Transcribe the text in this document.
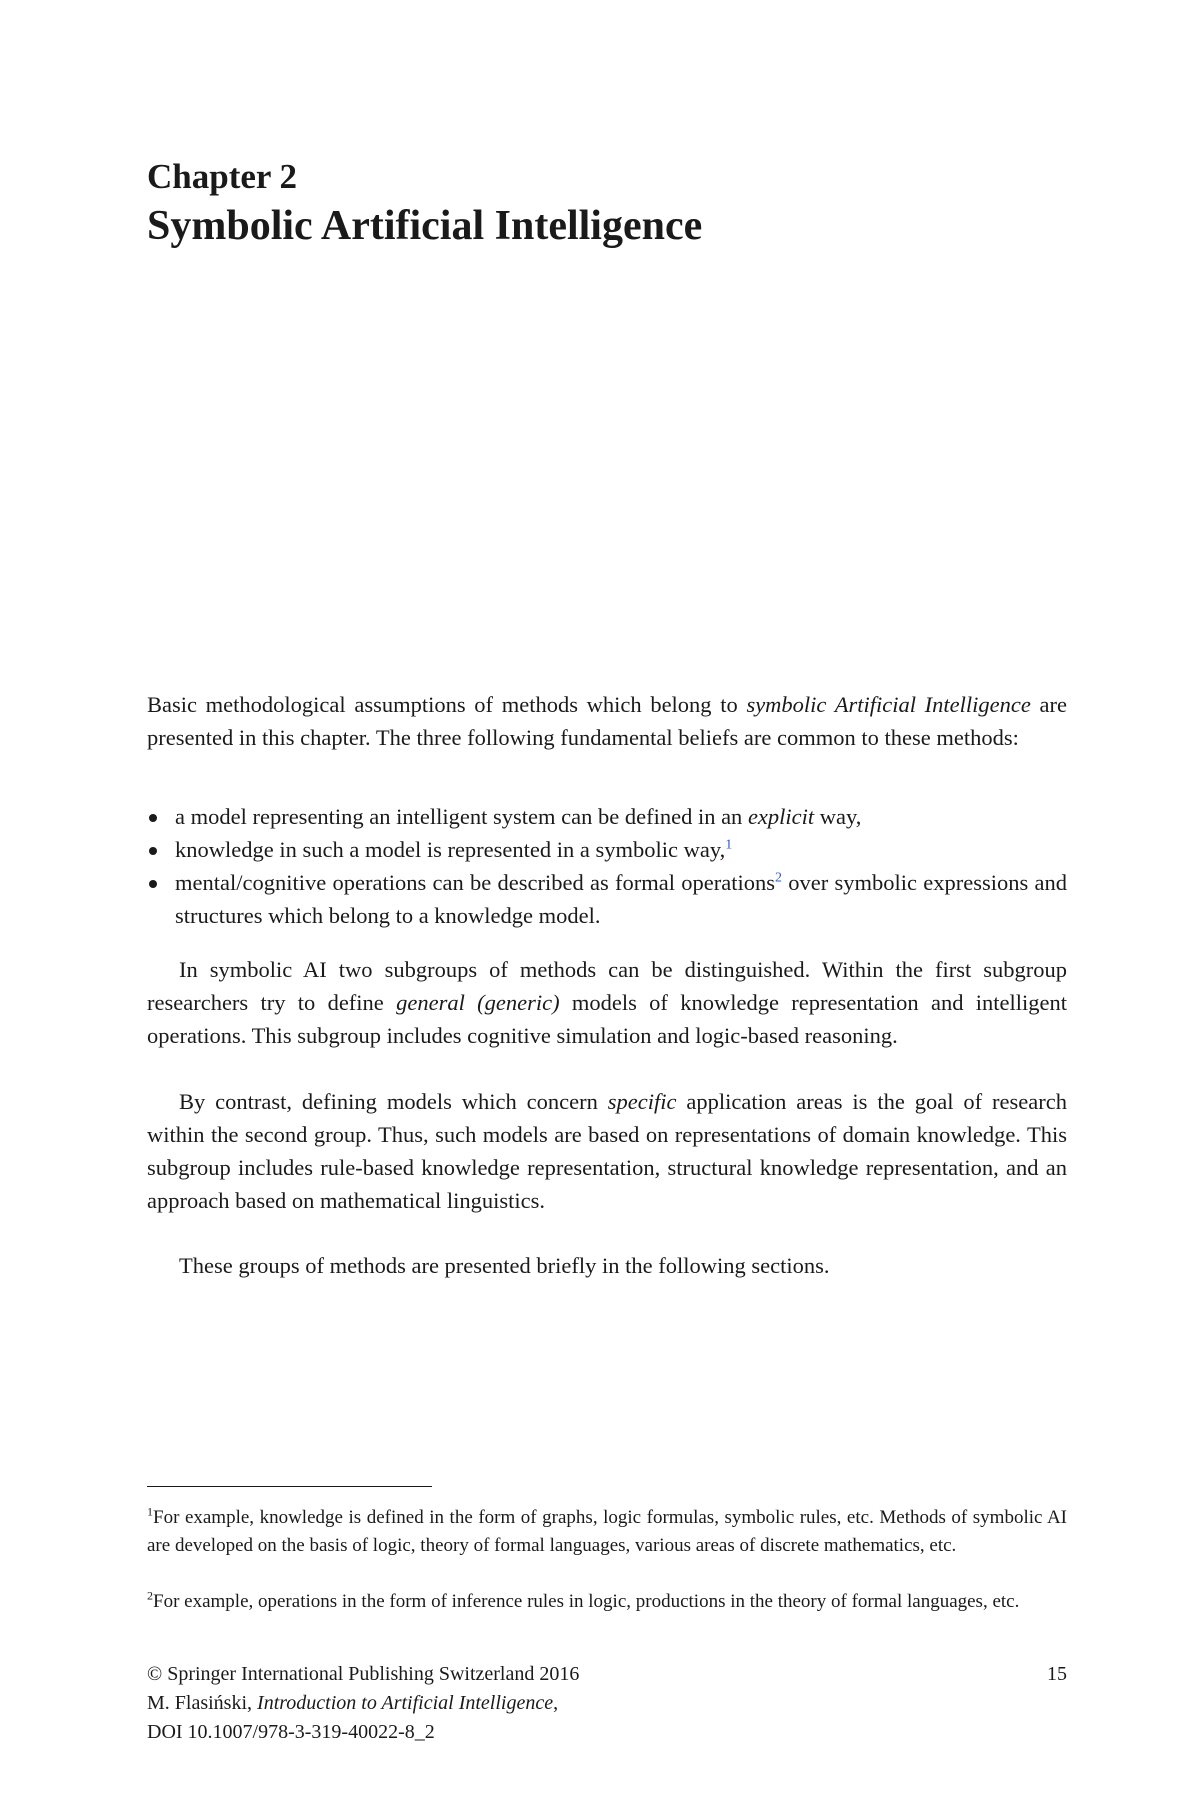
Chapter 2
Symbolic Artificial Intelligence

Basic methodological assumptions of methods which belong to symbolic Artificial Intelligence are presented in this chapter. The three following fundamental beliefs are common to these methods:

a model representing an intelligent system can be defined in an explicit way,
knowledge in such a model is represented in a symbolic way,$^1$
mental/cognitive operations can be described as formal operations$^2$ over symbolic expressions and structures which belong to a knowledge model.

In symbolic AI two subgroups of methods can be distinguished. Within the first subgroup researchers try to define general (generic) models of knowledge representation and intelligent operations. This subgroup includes cognitive simulation and logic-based reasoning.

By contrast, defining models which concern specific application areas is the goal of research within the second group. Thus, such models are based on representations of domain knowledge. This subgroup includes rule-based knowledge representation, structural knowledge representation, and an approach based on mathematical linguistics.

These groups of methods are presented briefly in the following sections.

$^1$For example, knowledge is defined in the form of graphs, logic formulas, symbolic rules, etc. Methods of symbolic AI are developed on the basis of logic, theory of formal languages, various areas of discrete mathematics, etc.
$^2$For example, operations in the form of inference rules in logic, productions in the theory of formal languages, etc.
© Springer International Publishing Switzerland 2016
M. Flasiński, Introduction to Artificial Intelligence,
DOI 10.1007/978-3-319-40022-8_2
15
